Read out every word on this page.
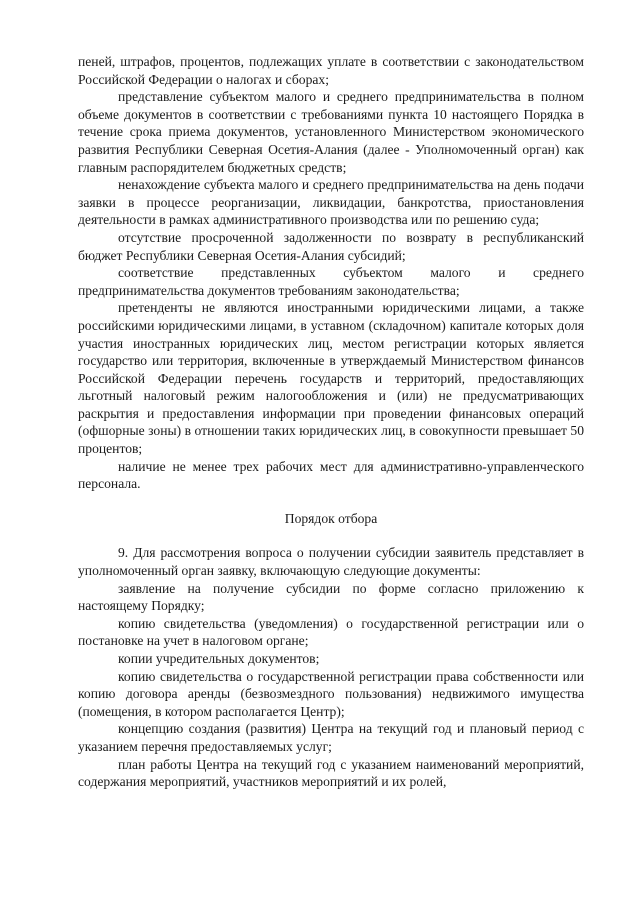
пеней, штрафов, процентов, подлежащих уплате в соответствии с законодательством Российской Федерации о налогах и сборах;

представление субъектом малого и среднего предпринимательства в полном объеме документов в соответствии с требованиями пункта 10 настоящего Порядка в течение срока приема документов, установленного Министерством экономического развития Республики Северная Осетия-Алания (далее - Уполномоченный орган) как главным распорядителем бюджетных средств;

ненахождение субъекта малого и среднего предпринимательства на день подачи заявки в процессе реорганизации, ликвидации, банкротства, приостановления деятельности в рамках административного производства или по решению суда;

отсутствие просроченной задолженности по возврату в республиканский бюджет Республики Северная Осетия-Алания субсидий;

соответствие представленных субъектом малого и среднего предпринимательства документов требованиям законодательства;

претенденты не являются иностранными юридическими лицами, а также российскими юридическими лицами, в уставном (складочном) капитале которых доля участия иностранных юридических лиц, местом регистрации которых является государство или территория, включенные в утверждаемый Министерством финансов Российской Федерации перечень государств и территорий, предоставляющих льготный налоговый режим налогообложения и (или) не предусматривающих раскрытия и предоставления информации при проведении финансовых операций (офшорные зоны) в отношении таких юридических лиц, в совокупности превышает 50 процентов;

наличие не менее трех рабочих мест для административно-управленческого персонала.

Порядок отбора

9. Для рассмотрения вопроса о получении субсидии заявитель представляет в уполномоченный орган заявку, включающую следующие документы:

заявление на получение субсидии по форме согласно приложению к настоящему Порядку;

копию свидетельства (уведомления) о государственной регистрации или о постановке на учет в налоговом органе;

копии учредительных документов;

копию свидетельства о государственной регистрации права собственности или копию договора аренды (безвозмездного пользования) недвижимого имущества (помещения, в котором располагается Центр);

концепцию создания (развития) Центра на текущий год и плановый период с указанием перечня предоставляемых услуг;

план работы Центра на текущий год с указанием наименований мероприятий, содержания мероприятий, участников мероприятий и их ролей,
